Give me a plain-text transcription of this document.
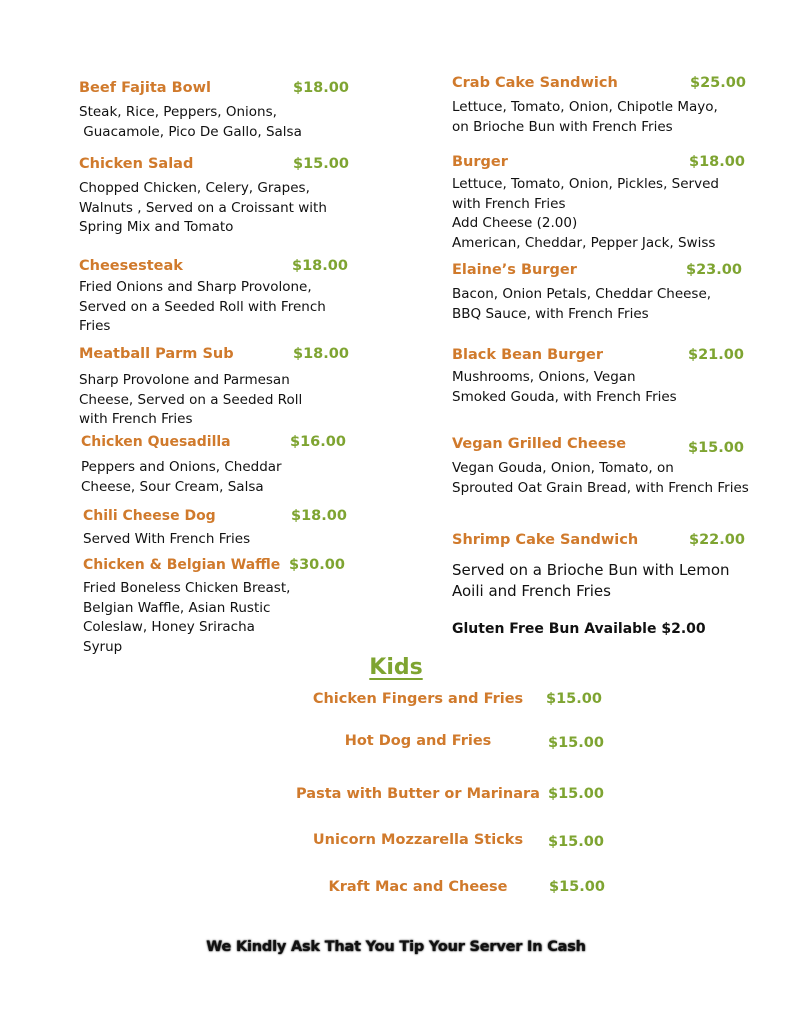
Beef Fajita Bowl	$18.00
Steak, Rice, Peppers, Onions,
Guacamole, Pico De Gallo, Salsa
Chicken Salad	$15.00
Chopped Chicken, Celery, Grapes,
Walnuts , Served on a Croissant with
Spring Mix and Tomato
Cheesesteak	$18.00
Fried Onions and Sharp Provolone,
Served on a Seeded Roll with French
Fries
Meatball Parm Sub	$18.00
Sharp Provolone and Parmesan
Cheese, Served on a Seeded Roll
with French Fries
Chicken Quesadilla	$16.00
Peppers and Onions, Cheddar
Cheese, Sour Cream, Salsa
Chili Cheese Dog	$18.00
Served With French Fries
Chicken & Belgian Waffle $30.00
Fried Boneless Chicken Breast,
Belgian Waffle, Asian Rustic
Coleslaw, Honey Sriracha
Syrup
Crab Cake Sandwich	$25.00
Lettuce, Tomato, Onion, Chipotle Mayo,
on Brioche Bun with French Fries
Burger	$18.00
Lettuce, Tomato, Onion, Pickles, Served
with French Fries
Add Cheese (2.00)
American, Cheddar, Pepper Jack, Swiss
Elaine’s Burger	$23.00
Bacon, Onion Petals, Cheddar Cheese,
BBQ Sauce, with French Fries
Black Bean Burger	$21.00
Mushrooms, Onions, Vegan
Smoked Gouda, with French Fries
Vegan Grilled Cheese	$15.00
Vegan Gouda, Onion, Tomato, on
Sprouted Oat Grain Bread, with French Fries
Shrimp Cake Sandwich	$22.00
Served on a Brioche Bun with Lemon
Aoili and French Fries
Gluten Free Bun Available $2.00
Kids
Chicken Fingers and Fries	$15.00
Hot Dog and Fries	$15.00
Pasta with Butter or Marinara $15.00
Unicorn Mozzarella Sticks	$15.00
Kraft Mac and Cheese	$15.00
We Kindly Ask That You Tip Your Server In Cash
